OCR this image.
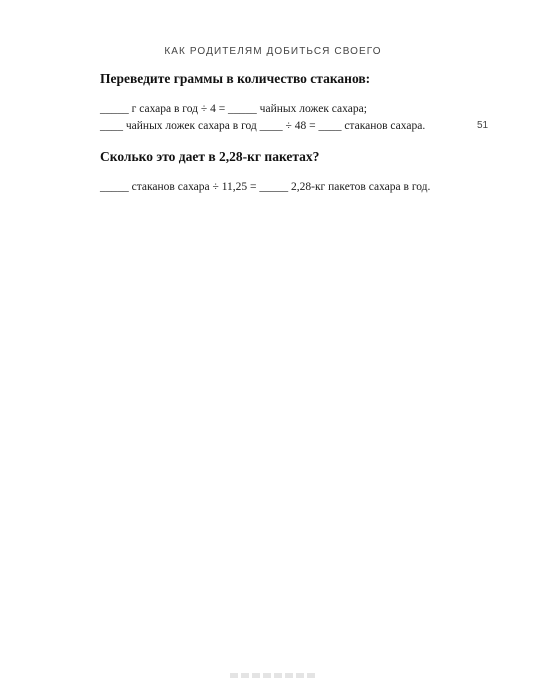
КАК РОДИТЕЛЯМ ДОБИТЬСЯ СВОЕГО
Переведите граммы в количество стаканов:
_____ г сахара в год ÷ 4 = _____ чайных ложек сахара;
____ чайных ложек сахара в год ____ ÷ 48 = ____ стаканов сахара.	51
Сколько это дает в 2,28-кг пакетах?
_____ стаканов сахара ÷ 11,25 = _____ 2,28-кг пакетов сахара в год.
